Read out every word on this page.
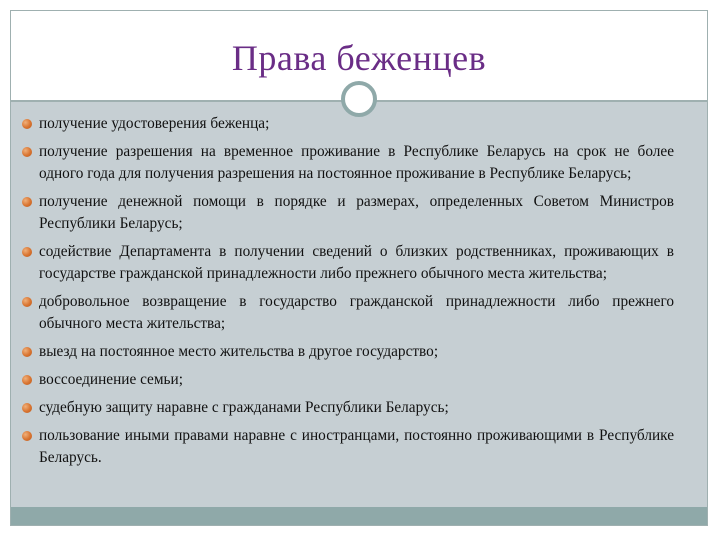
Права беженцев
получение удостоверения беженца;
получение разрешения на временное проживание в Республике Беларусь на срок не более одного года для получения разрешения на постоянное проживание в Республике Беларусь;
получение денежной помощи в порядке и размерах, определенных Советом Министров Республики Беларусь;
содействие Департамента в получении сведений о близких родственниках, проживающих в государстве гражданской принадлежности либо прежнего обычного места жительства;
добровольное возвращение в государство гражданской принадлежности либо прежнего обычного места жительства;
выезд на постоянное место жительства в другое государство;
воссоединение семьи;
судебную защиту наравне с гражданами Республики Беларусь;
пользование иными правами наравне с иностранцами, постоянно проживающими в Республике Беларусь.
